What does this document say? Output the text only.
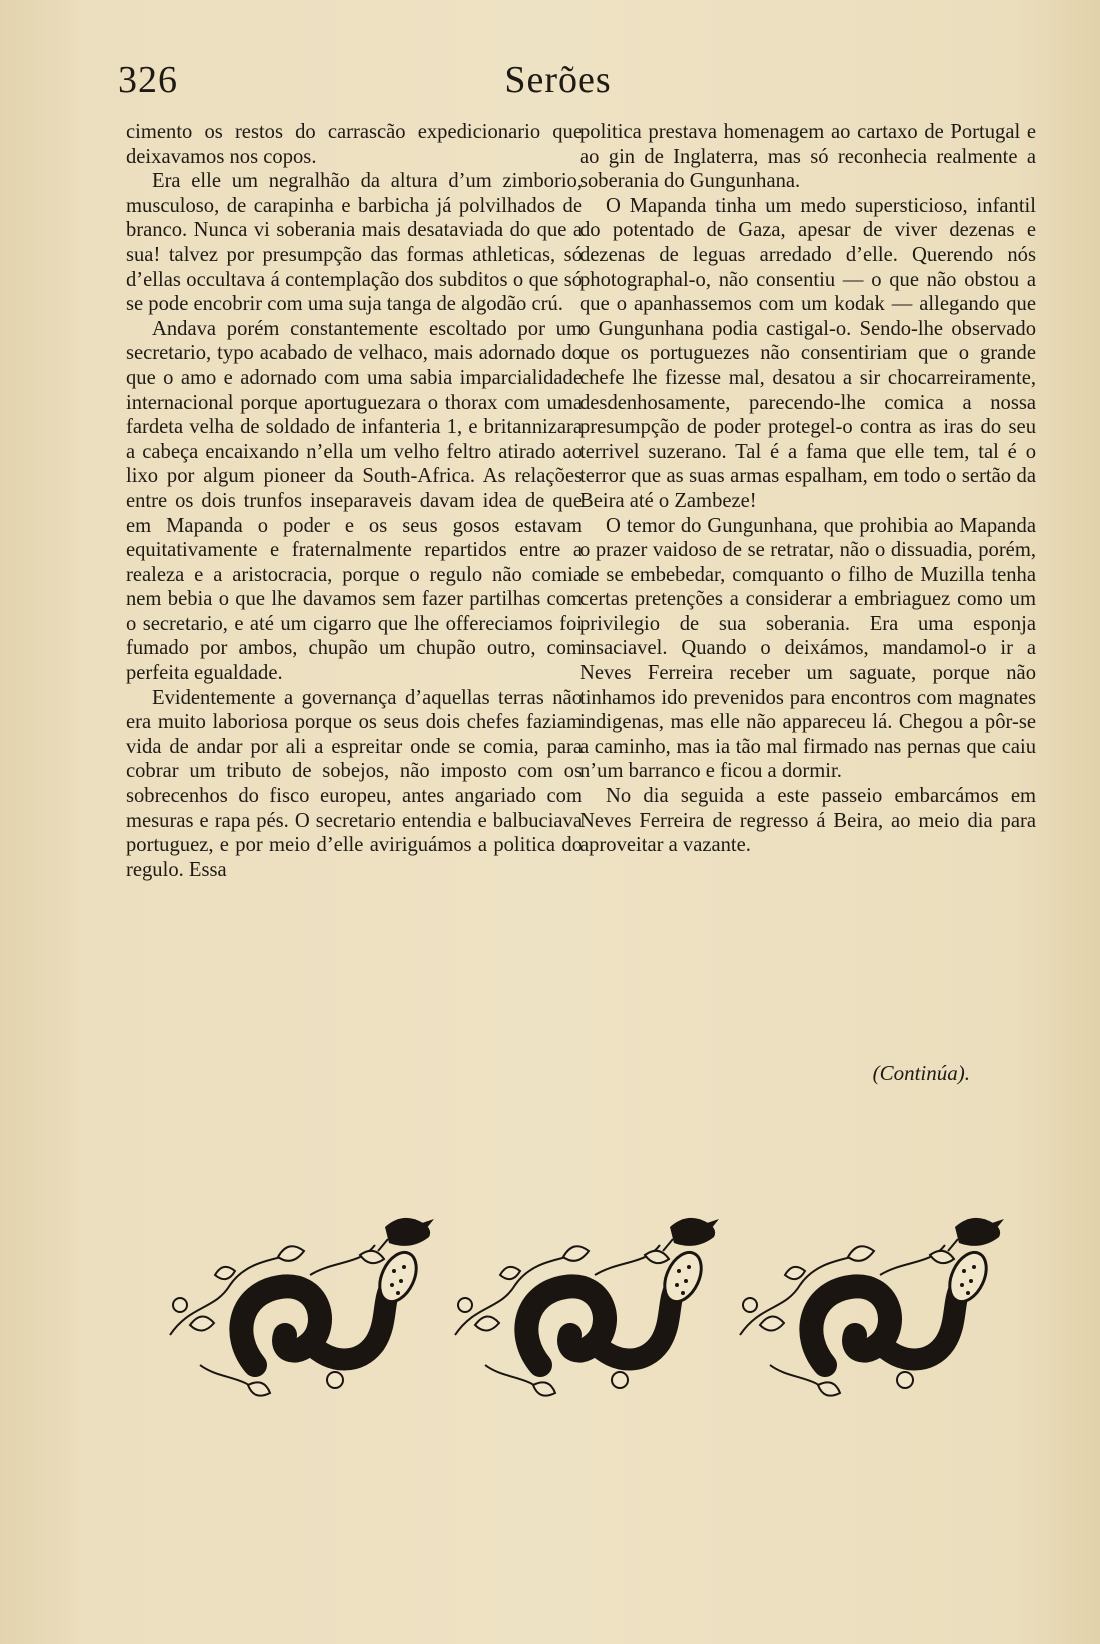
326	Serões

cimento os restos do carrascão expedicionario que deixavamos nos copos.

Era elle um negralhão da altura d’um zimborio, musculoso, de carapinha e barbicha já polvilhados de branco. Nunca vi soberania mais desataviada do que a sua! talvez por presumpção das formas athleticas, só d’ellas occultava á contemplação dos subditos o que só se pode encobrir com uma suja tanga de algodão crú.

Andava porém constantemente escoltado por um secretario, typo acabado de velhaco, mais adornado do que o amo e adornado com uma sabia imparcialidade internacional porque aportuguezara o thorax com uma fardeta velha de soldado de infanteria 1, e britannizara a cabeça encaixando n’ella um velho feltro atirado ao lixo por algum pioneer da South-Africa. As relações entre os dois trunfos inseparaveis davam idea de que em Mapanda o poder e os seus gosos estavam equitativamente e fraternalmente repartidos entre a realeza e a aristocracia, porque o regulo não comia nem bebia o que lhe davamos sem fazer partilhas com o secretario, e até um cigarro que lhe offereciamos foi fumado por ambos, chupão um chupão outro, com perfeita egualdade.

Evidentemente a governança d’aquellas terras não era muito laboriosa porque os seus dois chefes faziam vida de andar por ali a espreitar onde se comia, para cobrar um tributo de sobejos, não imposto com os sobrecenhos do fisco europeu, antes angariado com mesuras e rapa pés. O secretario entendia e balbuciava portuguez, e por meio d’elle aviriguámos a politica do regulo. Essa

politica prestava homenagem ao cartaxo de Portugal e ao gin de Inglaterra, mas só reconhecia realmente a soberania do Gungunhana.

O Mapanda tinha um medo supersticioso, infantil do potentado de Gaza, apesar de viver dezenas e dezenas de leguas arredado d’elle. Querendo nós photographal-o, não consentiu — o que não obstou a que o apanhassemos com um kodak — allegando que o Gungunhana podia castigal-o. Sendo-lhe observado que os portuguezes não consentiriam que o grande chefe lhe fizesse mal, desatou a sir chocarreiramente, desdenhosamente, parecendo-lhe comica a nossa presumpção de poder protegel-o contra as iras do seu terrivel suzerano. Tal é a fama que elle tem, tal é o terror que as suas armas espalham, em todo o sertão da Beira até o Zambeze!

O temor do Gungunhana, que prohibia ao Mapanda o prazer vaidoso de se retratar, não o dissuadia, porém, de se embebedar, comquanto o filho de Muzilla tenha certas pretenções a considerar a embriaguez como um privilegio de sua soberania. Era uma esponja insaciavel. Quando o deixámos, mandamol-o ir a Neves Ferreira receber um saguate, porque não tinhamos ido prevenidos para encontros com magnates indigenas, mas elle não appareceu lá. Chegou a pôr-se a caminho, mas ia tão mal firmado nas pernas que caiu n’um barranco e ficou a dormir.

No dia seguida a este passeio embarcámos em Neves Ferreira de regresso á Beira, ao meio dia para aproveitar a vazante.

(Continúa).
